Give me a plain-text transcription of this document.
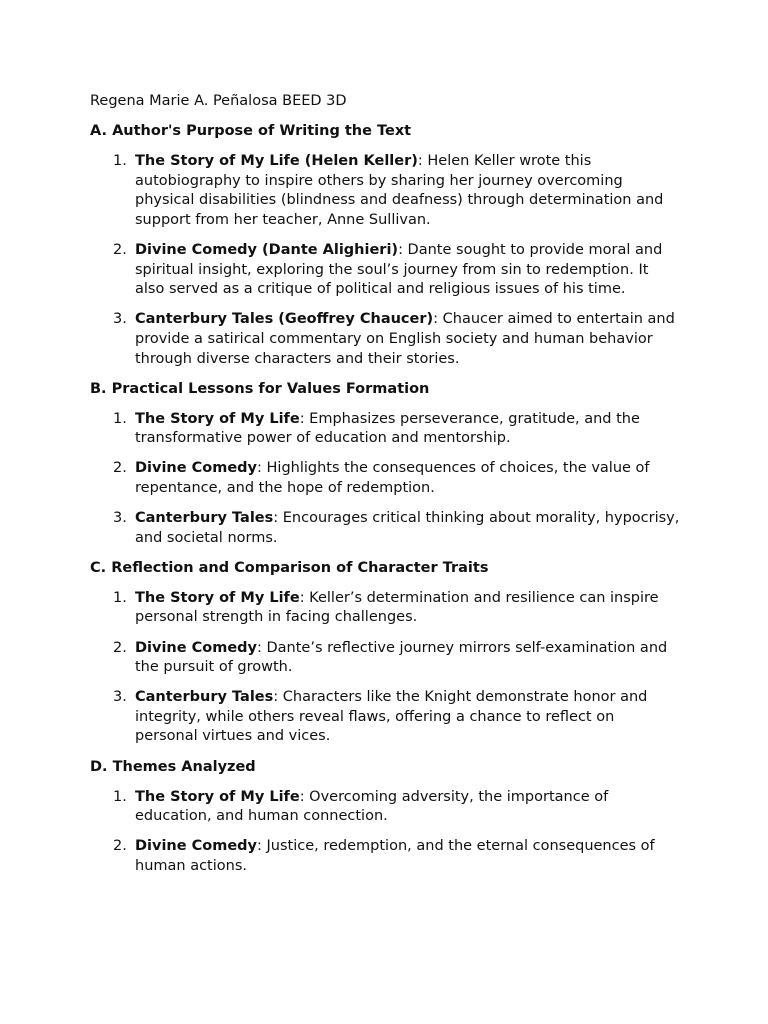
Regena Marie A. Peñalosa BEED 3D

A. Author's Purpose of Writing the Text

1. The Story of My Life (Helen Keller): Helen Keller wrote this autobiography to inspire others by sharing her journey overcoming physical disabilities (blindness and deafness) through determination and support from her teacher, Anne Sullivan.
2. Divine Comedy (Dante Alighieri): Dante sought to provide moral and spiritual insight, exploring the soul’s journey from sin to redemption. It also served as a critique of political and religious issues of his time.
3. Canterbury Tales (Geoffrey Chaucer): Chaucer aimed to entertain and provide a satirical commentary on English society and human behavior through diverse characters and their stories.

B. Practical Lessons for Values Formation

1. The Story of My Life: Emphasizes perseverance, gratitude, and the transformative power of education and mentorship.
2. Divine Comedy: Highlights the consequences of choices, the value of repentance, and the hope of redemption.
3. Canterbury Tales: Encourages critical thinking about morality, hypocrisy, and societal norms.

C. Reflection and Comparison of Character Traits

1. The Story of My Life: Keller’s determination and resilience can inspire personal strength in facing challenges.
2. Divine Comedy: Dante’s reflective journey mirrors self-examination and the pursuit of growth.
3. Canterbury Tales: Characters like the Knight demonstrate honor and integrity, while others reveal flaws, offering a chance to reflect on personal virtues and vices.

D. Themes Analyzed

1. The Story of My Life: Overcoming adversity, the importance of education, and human connection.
2. Divine Comedy: Justice, redemption, and the eternal consequences of human actions.
